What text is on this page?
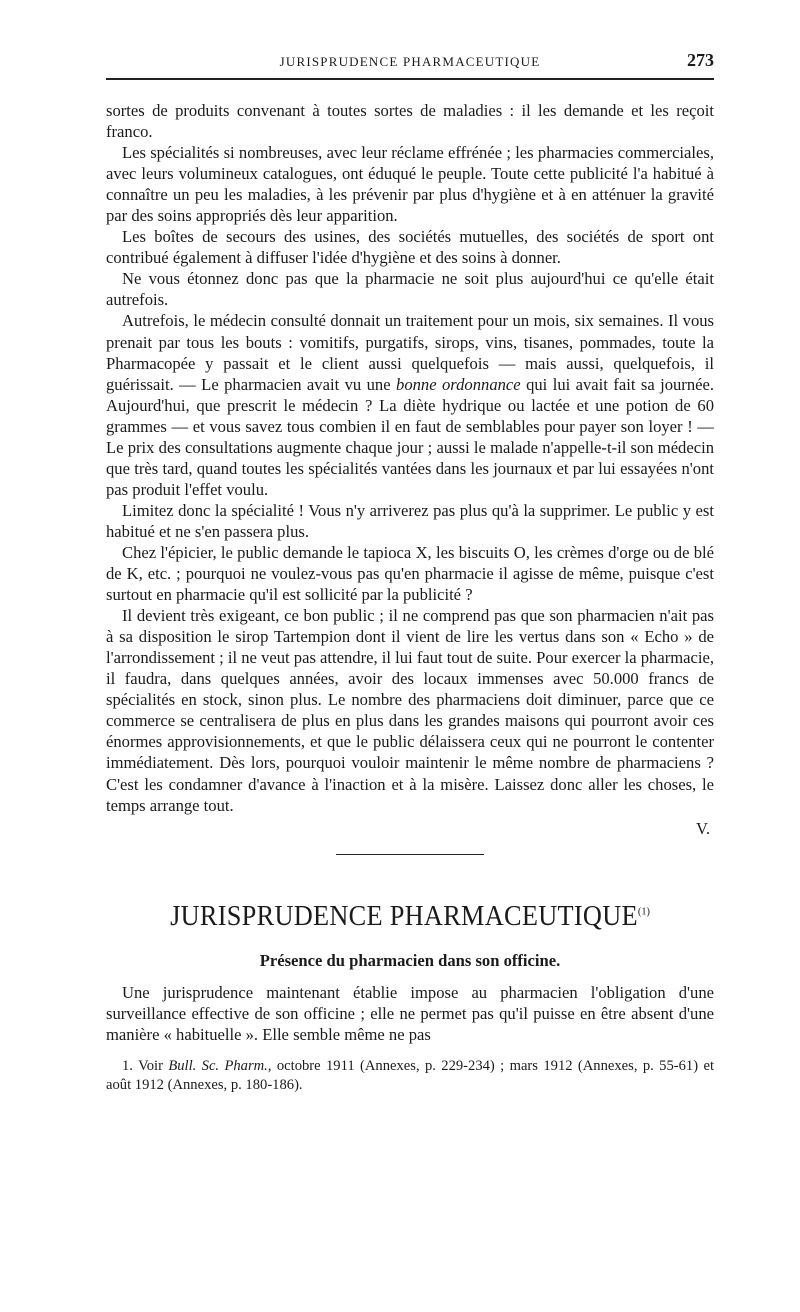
JURISPRUDENCE PHARMACEUTIQUE	273

sortes de produits convenant à toutes sortes de maladies : il les demande et les reçoit franco.

Les spécialités si nombreuses, avec leur réclame effrénée ; les pharmacies commerciales, avec leurs volumineux catalogues, ont éduqué le peuple. Toute cette publicité l'a habitué à connaître un peu les maladies, à les prévenir par plus d'hygiène et à en atténuer la gravité par des soins appropriés dès leur apparition.

Les boîtes de secours des usines, des sociétés mutuelles, des sociétés de sport ont contribué également à diffuser l'idée d'hygiène et des soins à donner.

Ne vous étonnez donc pas que la pharmacie ne soit plus aujourd'hui ce qu'elle était autrefois.

Autrefois, le médecin consulté donnait un traitement pour un mois, six semaines. Il vous prenait par tous les bouts : vomitifs, purgatifs, sirops, vins, tisanes, pommades, toute la Pharmacopée y passait et le client aussi quelquefois — mais aussi, quelquefois, il guérissait. — Le pharmacien avait vu une bonne ordonnance qui lui avait fait sa journée. Aujourd'hui, que prescrit le médecin ? La diète hydrique ou lactée et une potion de 60 grammes — et vous savez tous combien il en faut de semblables pour payer son loyer ! — Le prix des consultations augmente chaque jour ; aussi le malade n'appelle-t-il son médecin que très tard, quand toutes les spécialités vantées dans les journaux et par lui essayées n'ont pas produit l'effet voulu.

Limitez donc la spécialité ! Vous n'y arriverez pas plus qu'à la supprimer. Le public y est habitué et ne s'en passera plus.

Chez l'épicier, le public demande le tapioca X, les biscuits O, les crèmes d'orge ou de blé de K, etc. ; pourquoi ne voulez-vous pas qu'en pharmacie il agisse de même, puisque c'est surtout en pharmacie qu'il est sollicité par la publicité ?

Il devient très exigeant, ce bon public ; il ne comprend pas que son pharmacien n'ait pas à sa disposition le sirop Tartempion dont il vient de lire les vertus dans son « Echo » de l'arrondissement ; il ne veut pas attendre, il lui faut tout de suite. Pour exercer la pharmacie, il faudra, dans quelques années, avoir des locaux immenses avec 50.000 francs de spécialités en stock, sinon plus. Le nombre des pharmaciens doit diminuer, parce que ce commerce se centralisera de plus en plus dans les grandes maisons qui pourront avoir ces énormes approvisionnements, et que le public délaissera ceux qui ne pourront le contenter immédiatement. Dès lors, pourquoi vouloir maintenir le même nombre de pharmaciens ? C'est les condamner d'avance à l'inaction et à la misère. Laissez donc aller les choses, le temps arrange tout.

V.
JURISPRUDENCE PHARMACEUTIQUE$^{(1)}$
Présence du pharmacien dans son officine.

Une jurisprudence maintenant établie impose au pharmacien l'obligation d'une surveillance effective de son officine ; elle ne permet pas qu'il puisse en être absent d'une manière « habituelle ». Elle semble même ne pas

1. Voir Bull. Sc. Pharm., octobre 1911 (Annexes, p. 229-234) ; mars 1912 (Annexes, p. 55-61) et août 1912 (Annexes, p. 180-186).
